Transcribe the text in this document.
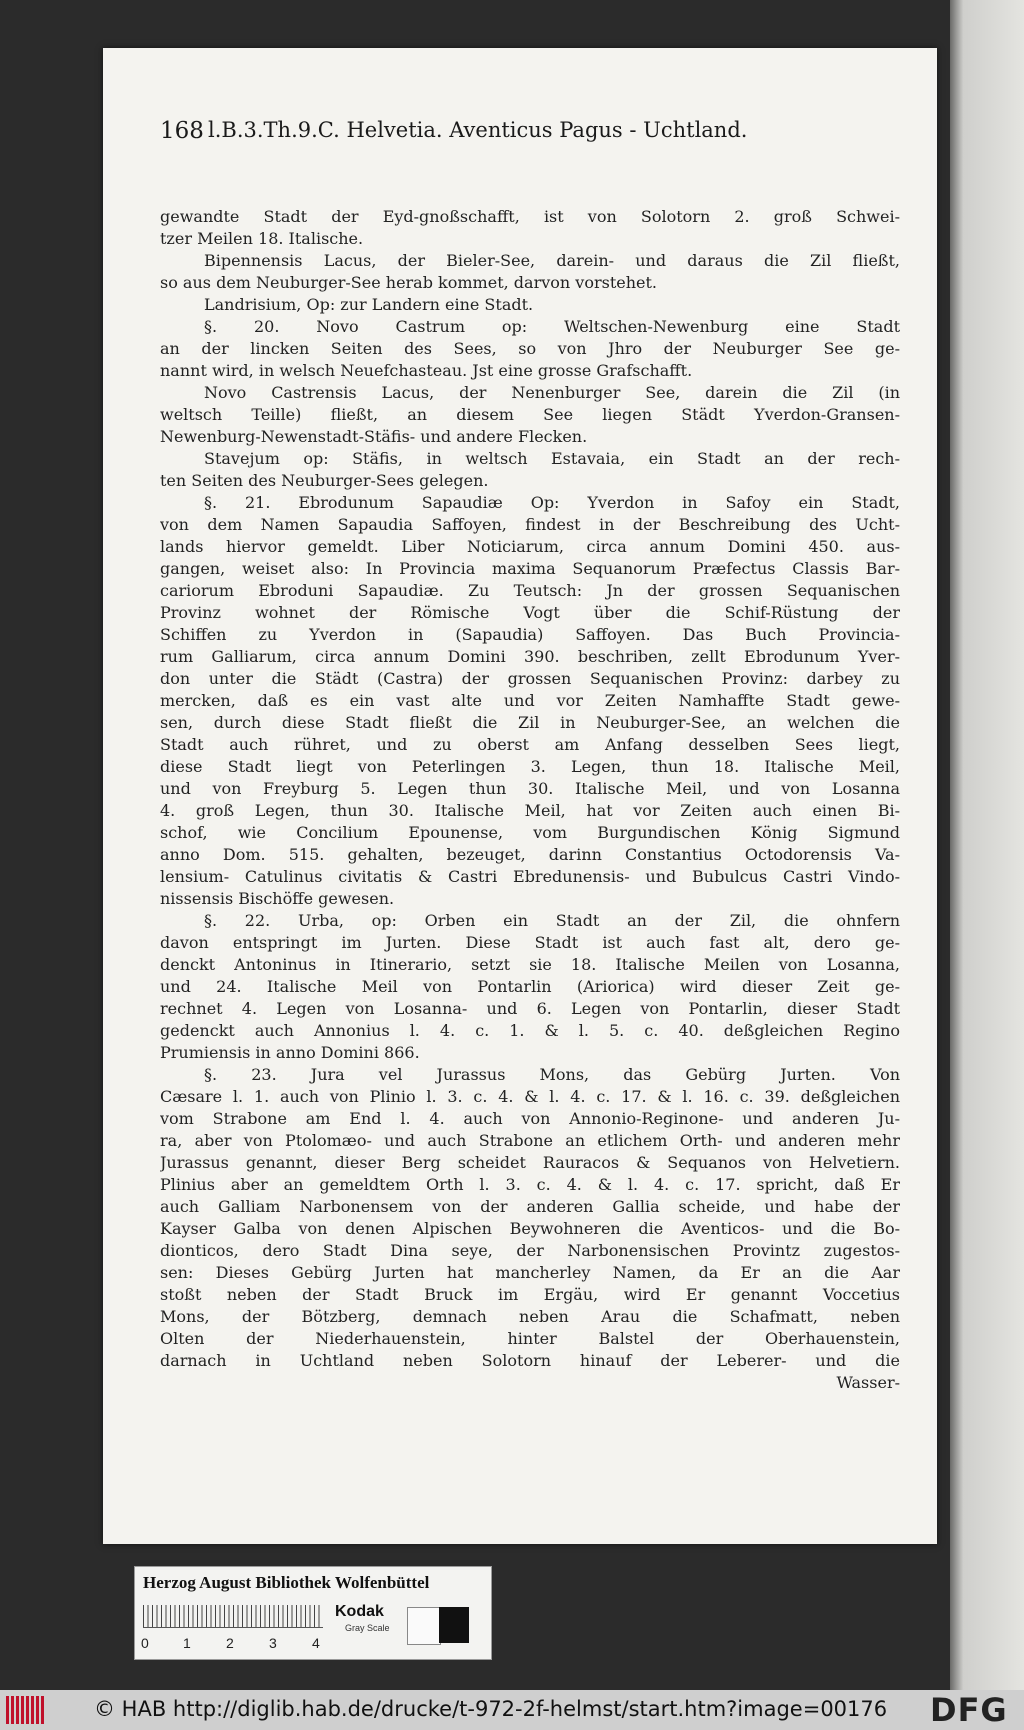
168 l.B.3.Th.9.C. Helvetia. Aventicus Pagus - Uchtland.
gewandte Stadt der Eyd-gnoßschafft, ist von Solotorn 2. groß Schwei-
tzer Meilen 18. Italische.
Bipennensis Lacus, der Bieler-See, darein- und daraus die Zil fließt,
so aus dem Neuburger-See herab kommet, darvon vorstehet.
Landrisium, Op: zur Landern eine Stadt.
§. 20. Novo Castrum op: Weltschen-Newenburg eine Stadt
an der lincken Seiten des Sees, so von Jhro der Neuburger See ge-
nannt wird, in welsch Neuefchasteau. Jst eine grosse Grafschafft.
Novo Castrensis Lacus, der Nenenburger See, darein die Zil (in
weltsch Teille) fließt, an diesem See liegen Städt Yverdon-Gransen-
Newenburg-Newenstadt-Stäfis- und andere Flecken.
Stavejum op: Stäfis, in weltsch Estavaia, ein Stadt an der rech-
ten Seiten des Neuburger-Sees gelegen.
§. 21. Ebrodunum Sapaudiæ Op: Yverdon in Safoy ein Stadt,
von dem Namen Sapaudia Saffoyen, findest in der Beschreibung des Ucht-
lands hiervor gemeldt. Liber Noticiarum, circa annum Domini 450. aus-
gangen, weiset also: In Provincia maxima Sequanorum Præfectus Classis Bar-
cariorum Ebroduni Sapaudiæ. Zu Teutsch: Jn der grossen Sequanischen
Provinz wohnet der Römische Vogt über die Schif-Rüstung der
Schiffen zu Yverdon in (Sapaudia) Saffoyen. Das Buch Provincia-
rum Galliarum, circa annum Domini 390. beschriben, zellt Ebrodunum Yver-
don unter die Städt (Castra) der grossen Sequanischen Provinz: darbey zu
mercken, daß es ein vast alte und vor Zeiten Namhaffte Stadt gewe-
sen, durch diese Stadt fließt die Zil in Neuburger-See, an welchen die
Stadt auch rühret, und zu oberst am Anfang desselben Sees liegt,
diese Stadt liegt von Peterlingen 3. Legen, thun 18. Italische Meil,
und von Freyburg 5. Legen thun 30. Italische Meil, und von Losanna
4. groß Legen, thun 30. Italische Meil, hat vor Zeiten auch einen Bi-
schof, wie Concilium Epounense, vom Burgundischen König Sigmund
anno Dom. 515. gehalten, bezeuget, darinn Constantius Octodorensis Va-
lensium- Catulinus civitatis & Castri Ebredunensis- und Bubulcus Castri Vindo-
nissensis Bischöffe gewesen.
§. 22. Urba, op: Orben ein Stadt an der Zil, die ohnfern
davon entspringt im Jurten. Diese Stadt ist auch fast alt, dero ge-
denckt Antoninus in Itinerario, setzt sie 18. Italische Meilen von Losanna,
und 24. Italische Meil von Pontarlin (Ariorica) wird dieser Zeit ge-
rechnet 4. Legen von Losanna- und 6. Legen von Pontarlin, dieser Stadt
gedenckt auch Annonius l. 4. c. 1. & l. 5. c. 40. deßgleichen Regino
Prumiensis in anno Domini 866.
§. 23. Jura vel Jurassus Mons, das Gebürg Jurten. Von
Cæsare l. 1. auch von Plinio l. 3. c. 4. & l. 4. c. 17. & l. 16. c. 39. deßgleichen
vom Strabone am End l. 4. auch von Annonio-Reginone- und anderen Ju-
ra, aber von Ptolomæo- und auch Strabone an etlichem Orth- und anderen mehr
Jurassus genannt, dieser Berg scheidet Rauracos & Sequanos von Helvetiern.
Plinius aber an gemeldtem Orth l. 3. c. 4. & l. 4. c. 17. spricht, daß Er
auch Galliam Narbonensem von der anderen Gallia scheide, und habe der
Kayser Galba von denen Alpischen Beywohneren die Aventicos- und die Bo-
dionticos, dero Stadt Dina seye, der Narbonensischen Provintz zugestos-
sen: Dieses Gebürg Jurten hat mancherley Namen, da Er an die Aar
stoßt neben der Stadt Bruck im Ergäu, wird Er genannt Voccetius
Mons, der Bötzberg, demnach neben Arau die Schafmatt, neben
Olten der Niederhauenstein, hinter Balstel der Oberhauenstein,
darnach in Uchtland neben Solotorn hinauf der Leberer- und die
Wasser-
Herzog August Bibliothek Wolfenbüttel
0 1	2	3	4
Kodak
Gray Scale
© HAB http://diglib.hab.de/drucke/t-972-2f-helmst/start.htm?image=00176 DFG
